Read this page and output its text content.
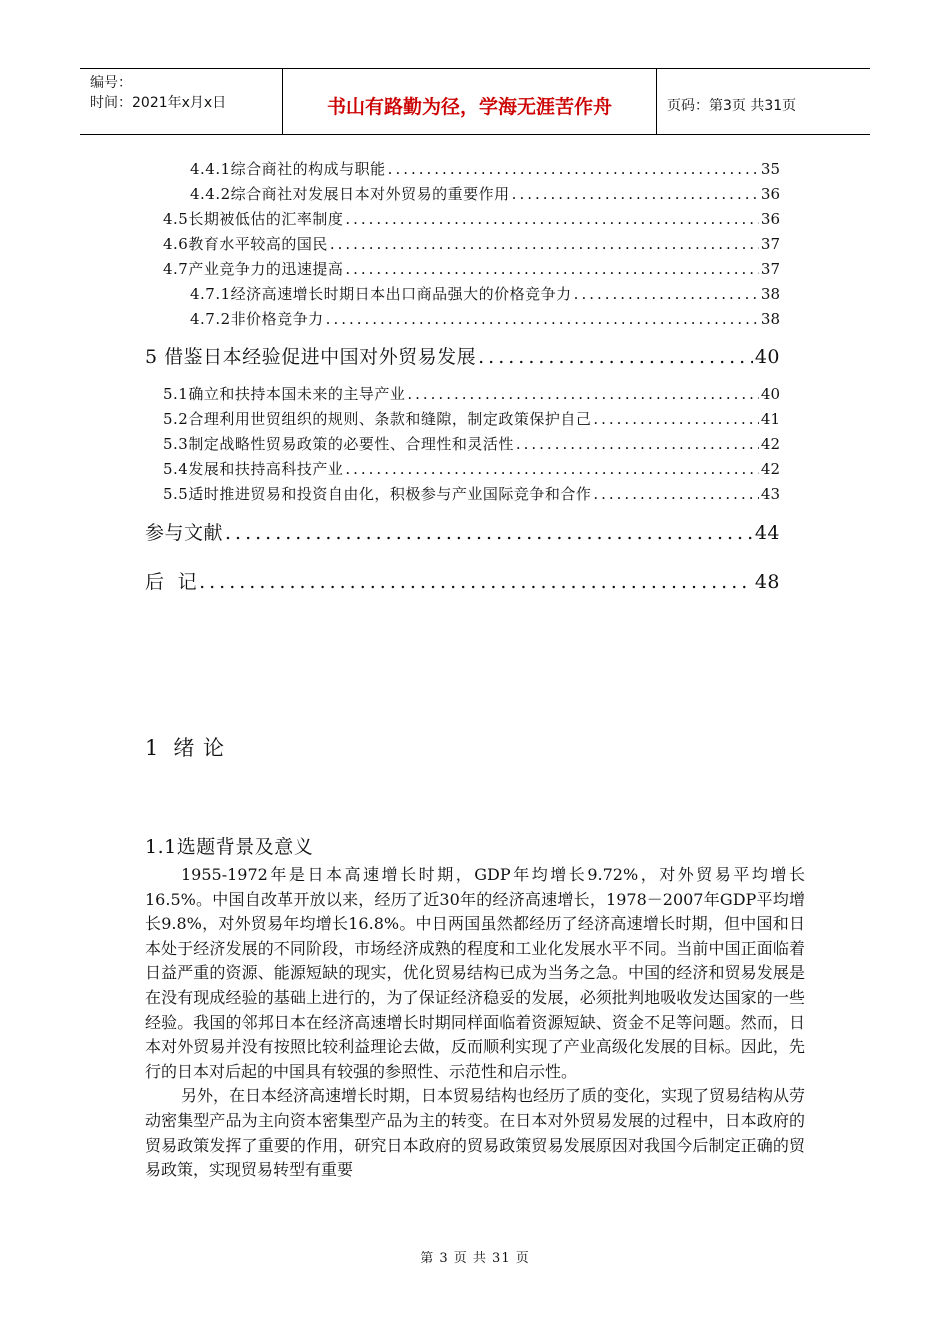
编号：
时间：2021年x月x日	书山有路勤为径，学海无涯苦作舟	页码：第3页 共31页
4.4.1综合商社的构成与职能 .....	35
4.4.2综合商社对发展日本对外贸易的重要作用 .....	36
4.5长期被低估的汇率制度 .....	36
4.6教育水平较高的国民 .....	37
4.7产业竞争力的迅速提高 .....	37
4.7.1经济高速增长时期日本出口商品强大的价格竞争力 .....	38
4.7.2非价格竞争力 .....	38
5 借鉴日本经验促进中国对外贸易发展 .....	40
5.1确立和扶持本国未来的主导产业 .....	40
5.2合理利用世贸组织的规则、条款和缝隙，制定政策保护自己 .....	41
5.3制定战略性贸易政策的必要性、合理性和灵活性 .....	42
5.4发展和扶持高科技产业 .....	42
5.5适时推进贸易和投资自由化，积极参与产业国际竞争和合作 .....	43
参与文献 .....	44
后  记 .....	48
1 绪 论
1.1选题背景及意义

1955-1972年是日本高速增长时期，GDP年均增长9.72%，对外贸易平均增长16.5%。中国自改革开放以来，经历了近30年的经济高速增长，1978－2007年GDP平均增长9.8%，对外贸易年均增长16.8%。中日两国虽然都经历了经济高速增长时期，但中国和日本处于经济发展的不同阶段，市场经济成熟的程度和工业化发展水平不同。当前中国正面临着日益严重的资源、能源短缺的现实，优化贸易结构已成为当务之急。中国的经济和贸易发展是在没有现成经验的基础上进行的，为了保证经济稳妥的发展，必须批判地吸收发达国家的一些经验。我国的邻邦日本在经济高速增长时期同样面临着资源短缺、资金不足等问题。然而，日本对外贸易并没有按照比较利益理论去做，反而顺利实现了产业高级化发展的目标。因此，先行的日本对后起的中国具有较强的参照性、示范性和启示性。

另外，在日本经济高速增长时期，日本贸易结构也经历了质的变化，实现了贸易结构从劳动密集型产品为主向资本密集型产品为主的转变。在日本对外贸易发展的过程中，日本政府的贸易政策发挥了重要的作用，研究日本政府的贸易政策贸易发展原因对我国今后制定正确的贸易政策，实现贸易转型有重要

第 3 页 共 31 页
